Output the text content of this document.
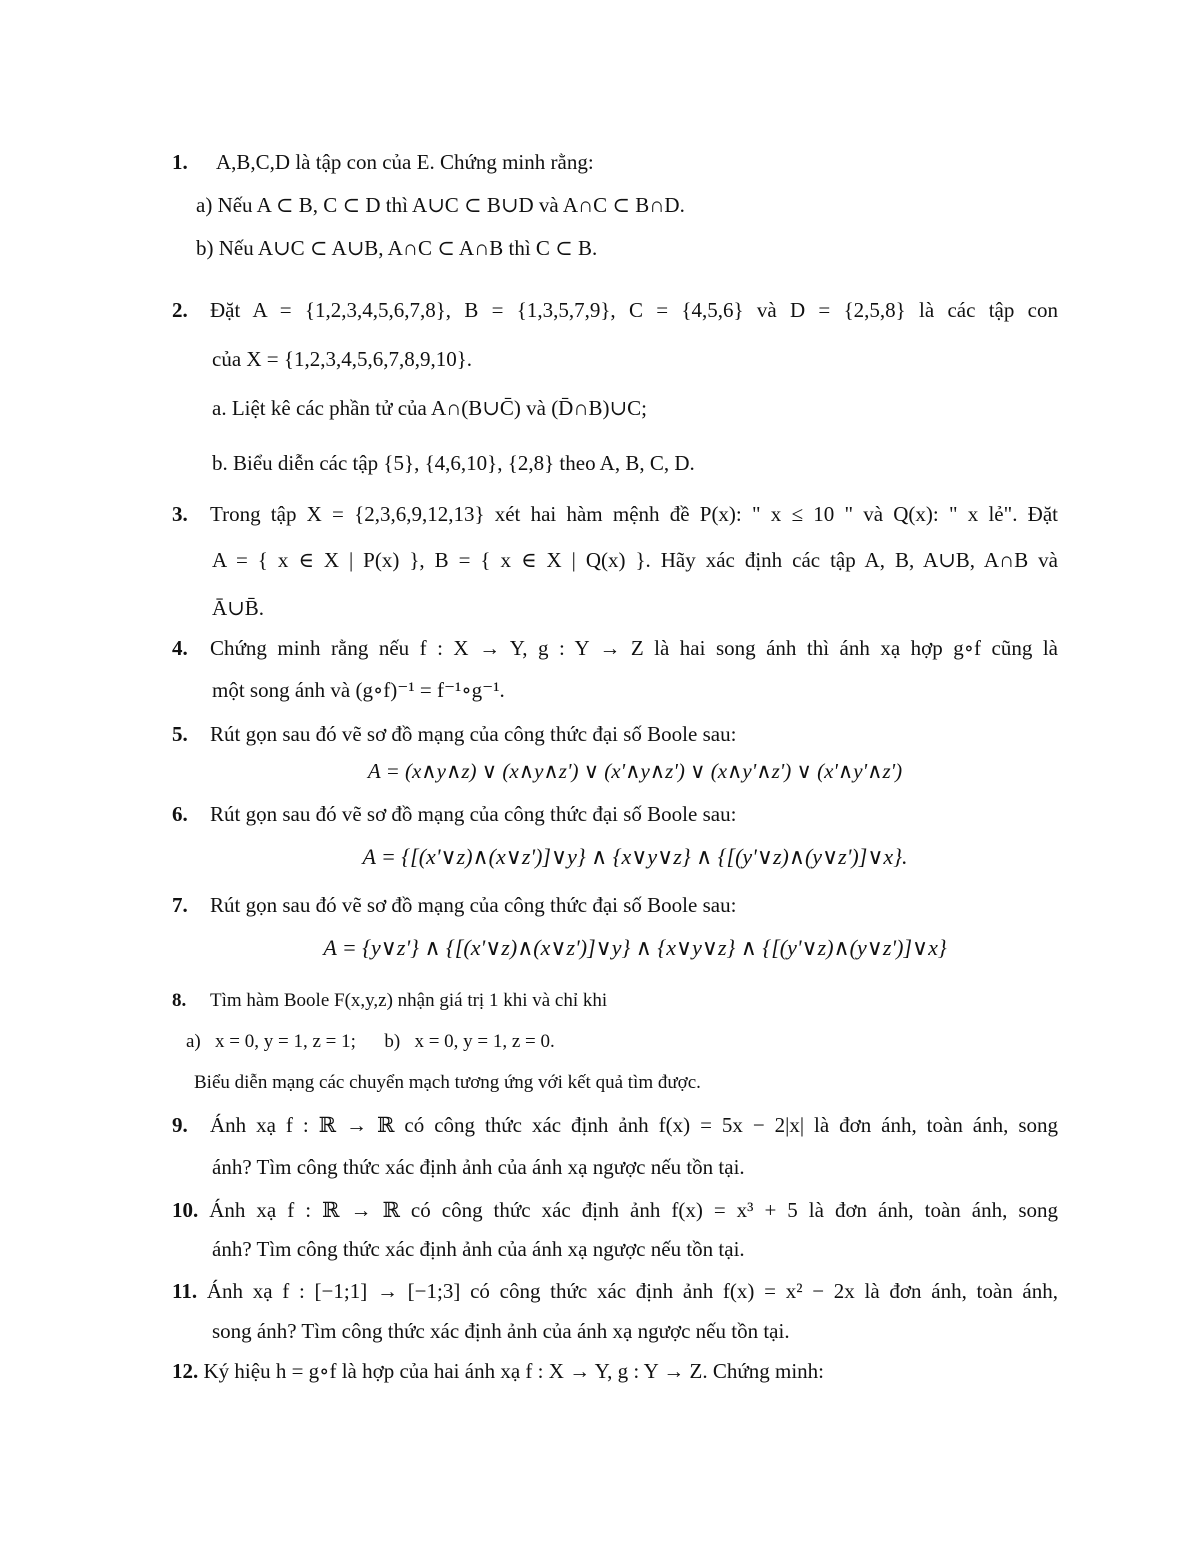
1. A,B,C,D là tập con của E. Chứng minh rằng:
a) Nếu A ⊂ B, C ⊂ D thì A∪C ⊂ B∪D và A∩C ⊂ B∩D.
b) Nếu A∪C ⊂ A∪B, A∩C ⊂ A∩B thì C ⊂ B.
2. Đặt A = {1,2,3,4,5,6,7,8}, B = {1,3,5,7,9}, C = {4,5,6} và D = {2,5,8} là các tập con
của X = {1,2,3,4,5,6,7,8,9,10}.
a. Liệt kê các phần tử của A∩(B∪C̄) và (D̄∩B)∪C;
b. Biểu diễn các tập {5}, {4,6,10}, {2,8} theo A, B, C, D.
3. Trong tập X = {2,3,6,9,12,13} xét hai hàm mệnh đề P(x): " x ≤ 10 " và Q(x): " x lẻ". Đặt
A = { x ∈ X | P(x) }, B = { x ∈ X | Q(x) }. Hãy xác định các tập A, B, A∪B, A∩B và
Ā∪B̄.
4. Chứng minh rằng nếu f : X → Y, g : Y → Z là hai song ánh thì ánh xạ hợp g∘f cũng là
một song ánh và (g∘f)⁻¹ = f⁻¹∘g⁻¹.
5. Rút gọn sau đó vẽ sơ đồ mạng của công thức đại số Boole sau:
A = (x∧y∧z) ∨ (x∧y∧z') ∨ (x'∧y∧z') ∨ (x∧y'∧z') ∨ (x'∧y'∧z')
6. Rút gọn sau đó vẽ sơ đồ mạng của công thức đại số Boole sau:
A = {[(x'∨z)∧(x∨z')]∨y} ∧ {x∨y∨z} ∧ {[(y'∨z)∧(y∨z')]∨x}.
7. Rút gọn sau đó vẽ sơ đồ mạng của công thức đại số Boole sau:
A = {y∨z'} ∧ {[(x'∨z)∧(x∨z')]∨y} ∧ {x∨y∨z} ∧ {[(y'∨z)∧(y∨z')]∨x}
8. Tìm hàm Boole F(x,y,z) nhận giá trị 1 khi và chỉ khi
a)   x = 0, y = 1, z = 1;      b)   x = 0, y = 1, z = 0.
Biểu diễn mạng các chuyển mạch tương ứng với kết quả tìm được.
9. Ánh xạ f : ℝ → ℝ có công thức xác định ảnh f(x) = 5x − 2|x| là đơn ánh, toàn ánh, song
ánh? Tìm công thức xác định ảnh của ánh xạ ngược nếu tồn tại.
10. Ánh xạ f : ℝ → ℝ có công thức xác định ảnh f(x) = x³ + 5 là đơn ánh, toàn ánh, song
ánh? Tìm công thức xác định ảnh của ánh xạ ngược nếu tồn tại.
11. Ánh xạ f : [−1;1] → [−1;3] có công thức xác định ảnh f(x) = x² − 2x là đơn ánh, toàn ánh,
song ánh? Tìm công thức xác định ảnh của ánh xạ ngược nếu tồn tại.
12. Ký hiệu h = g∘f là hợp của hai ánh xạ f : X → Y, g : Y → Z. Chứng minh:
